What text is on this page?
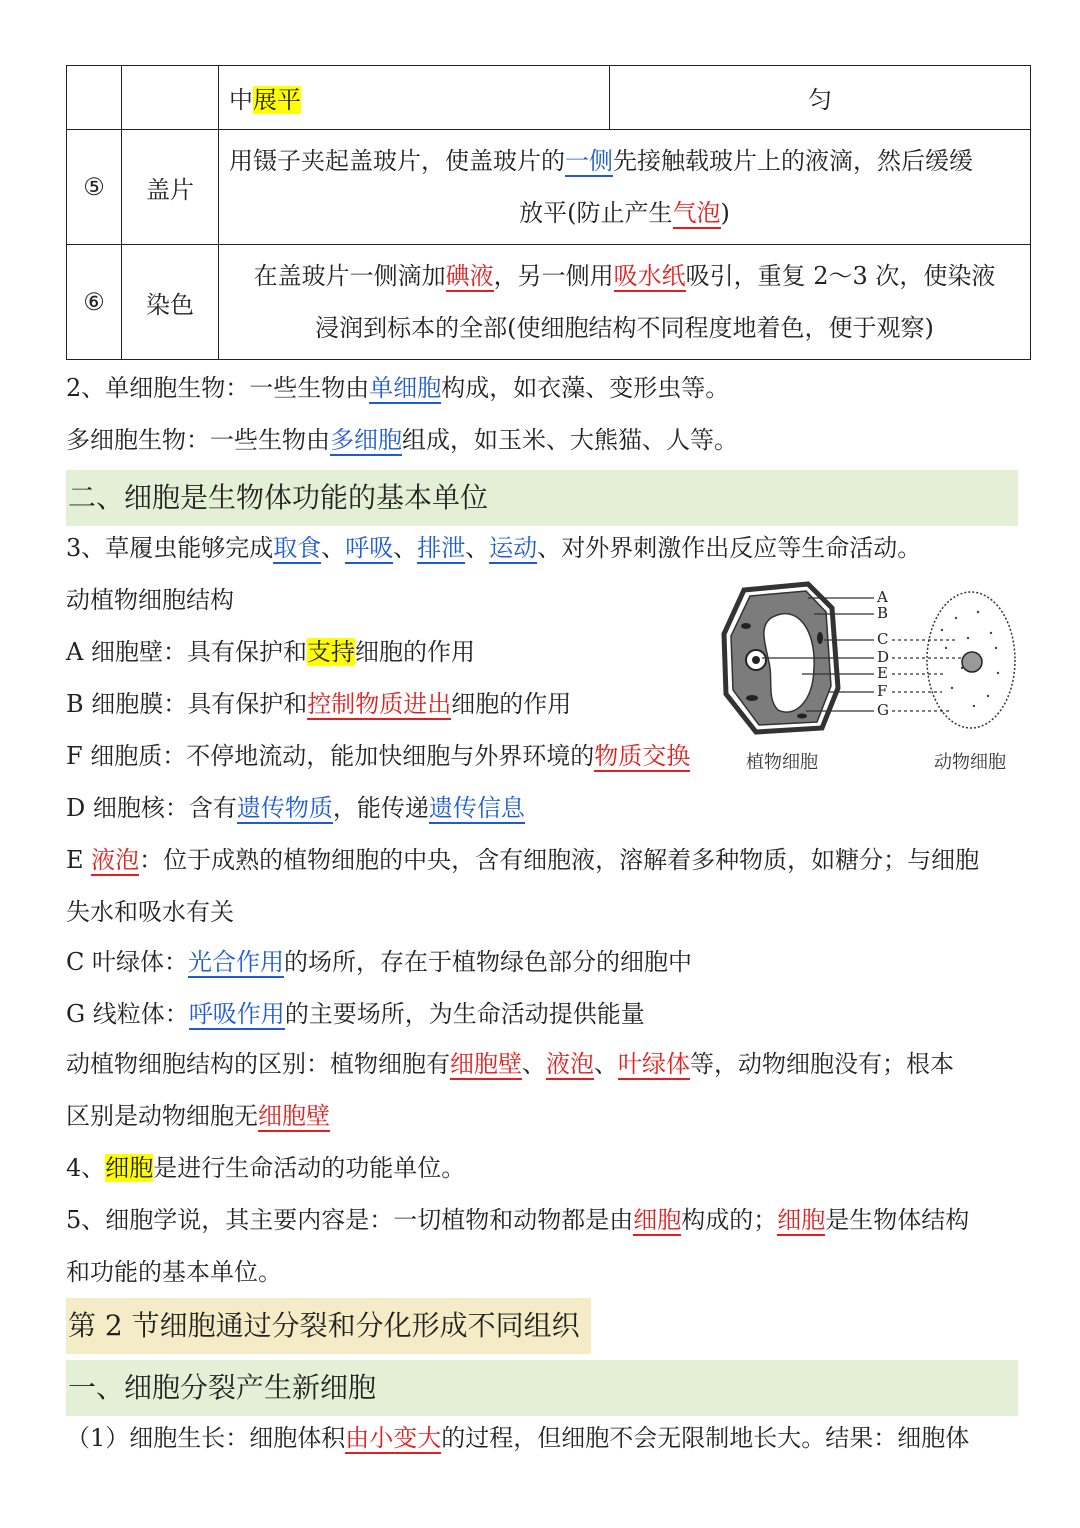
		中展平	匀
⑤	盖片	用镊子夹起盖玻片，使盖玻片的一侧先接触载玻片上的液滴，然后缓缓
放平(防止产生气泡)	

⑥	染色	在盖玻片一侧滴加碘液，另一侧用吸水纸吸引，重复 2～3 次，使染液
浸润到标本的全部(使细胞结构不同程度地着色，便于观察)	
2、单细胞生物：一些生物由单细胞构成，如衣藻、变形虫等。
多细胞生物：一些生物由多细胞组成，如玉米、大熊猫、人等。
二、细胞是生物体功能的基本单位
3、草履虫能够完成取食、呼吸、排泄、运动、对外界刺激作出反应等生命活动。
动植物细胞结构
A 细胞壁：具有保护和支持细胞的作用
B 细胞膜：具有保护和控制物质进出细胞的作用
F 细胞质：不停地流动，能加快细胞与外界环境的物质交换
D 细胞核：含有遗传物质，能传递遗传信息
E 液泡：位于成熟的植物细胞的中央，含有细胞液，溶解着多种物质，如糖分；与细胞
失水和吸水有关
C 叶绿体：光合作用的场所，存在于植物绿色部分的细胞中
G 线粒体：呼吸作用的主要场所，为生命活动提供能量
动植物细胞结构的区别：植物细胞有细胞壁、液泡、叶绿体等，动物细胞没有；根本
区别是动物细胞无细胞壁
4、细胞是进行生命活动的功能单位。
5、细胞学说，其主要内容是：一切植物和动物都是由细胞构成的；细胞是生物体结构
和功能的基本单位。
第 2 节细胞通过分裂和分化形成不同组织
一、细胞分裂产生新细胞
（1）细胞生长：细胞体积由小变大的过程，但细胞不会无限制地长大。结果：细胞体
A
B
C
D
E
F
G
植物细胞	动物细胞
